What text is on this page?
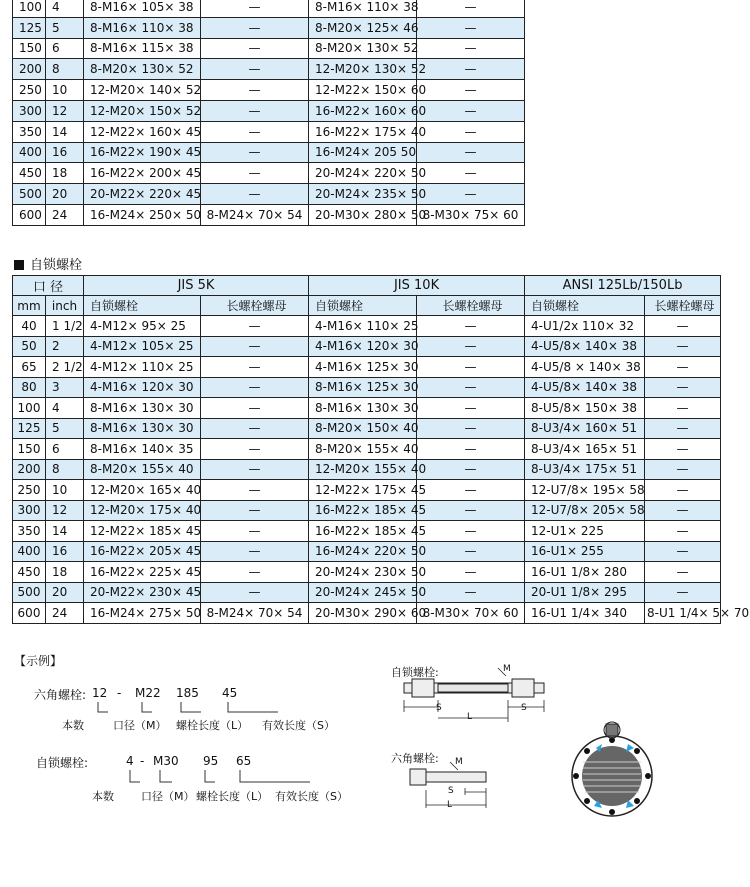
100	4	8-M16× 105× 38	—	8-M16× 110× 38	—	
125	5	8-M16× 110× 38	—	8-M20× 125× 46	—	
150	6	8-M16× 115× 38	—	8-M20× 130× 52	—	
200	8	8-M20× 130× 52	—	12-M20× 130× 52	—	
250	10	12-M20× 140× 52	—	12-M22× 150× 60	—	
300	12	12-M20× 150× 52	—	16-M22× 160× 60	—	
350	14	12-M22× 160× 45	—	16-M22× 175× 40	—	
400	16	16-M22× 190× 45	—	16-M24× 205 50	—	
450	18	16-M22× 200× 45	—	20-M24× 220× 50	—	
500	20	20-M22× 220× 45	—	20-M24× 235× 50	—	
600	24	16-M24× 250× 50	8-M24× 70× 54	20-M30× 280× 50	8-M30× 75× 60	
自锁螺栓
口 径		JIS 5K		JIS 10K		ANSI 125Lb/150Lb	
mm	inch	自锁螺栓	长螺栓螺母	自锁螺栓	长螺栓螺母	自锁螺栓	长螺栓螺母
40	1 1/2	4-M12× 95× 25	—	4-M16× 110× 25	—	4-U1/2x 110× 32	—
50	2	4-M12× 105× 25	—	4-M16× 120× 30	—	4-U5/8× 140× 38	—
65	2 1/2	4-M12× 110× 25	—	4-M16× 125× 30	—	4-U5/8 × 140× 38	—
80	3	4-M16× 120× 30	—	8-M16× 125× 30	—	4-U5/8× 140× 38	—
100	4	8-M16× 130× 30	—	8-M16× 130× 30	—	8-U5/8× 150× 38	—
125	5	8-M16× 130× 30	—	8-M20× 150× 40	—	8-U3/4× 160× 51	—
150	6	8-M16× 140× 35	—	8-M20× 155× 40	—	8-U3/4× 165× 51	—
200	8	8-M20× 155× 40	—	12-M20× 155× 40	—	8-U3/4× 175× 51	—
250	10	12-M20× 165× 40	—	12-M22× 175× 45	—	12-U7/8× 195× 58	—
300	12	12-M20× 175× 40	—	16-M22× 185× 45	—	12-U7/8× 205× 58	—
350	14	12-M22× 185× 45	—	16-M22× 185× 45	—	12-U1× 225	—
400	16	16-M22× 205× 45	—	16-M24× 220× 50	—	16-U1× 255	—
450	18	16-M22× 225× 45	—	20-M24× 230× 50	—	16-U1 1/8× 280	—
500	20	20-M22× 230× 45	—	20-M24× 245× 50	—	20-U1 1/8× 295	—
600	24	16-M24× 275× 50	8-M24× 70× 54	20-M30× 290× 60	8-M30× 70× 60	16-U1 1/4× 340	8-U1 1/4× 5× 70
【示例】
六角螺栓: 12 - M22 185 45
本数	口径（M） 螺栓长度（L） 有效长度（S）
自锁螺栓:	4 - M30 95 65
本数 口径（M） 螺栓长度（L） 有效长度（S）
自锁螺栓:
六角螺栓:
M
S
L
S
M
S
L
